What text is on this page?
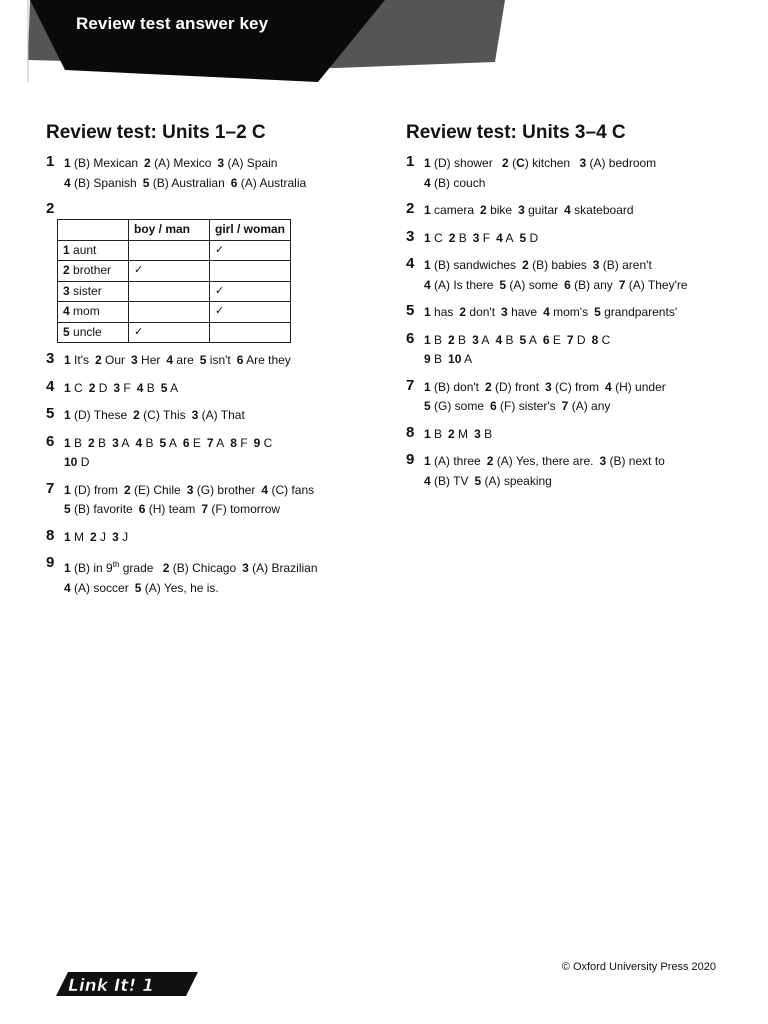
Review test answer key
Review test: Units 1–2 C
1 1 (B) Mexican 2 (A) Mexico 3 (A) Spain
4 (B) Spanish 5 (B) Australian 6 (A) Australia
2
	boy / man	girl / woman
1 aunt		✓
2 brother	✓	
3 sister		✓
4 mom		✓
5 uncle	✓	
3 1 It's 2 Our 3 Her 4 are 5 isn't 6 Are they
4 1 C 2 D 3 F 4 B 5 A
5 1 (D) These 2 (C) This 3 (A) That
6 1 B 2 B 3 A 4 B 5 A 6 E 7 A 8 F 9 C
10 D
7 1 (D) from 2 (E) Chile 3 (G) brother 4 (C) fans
5 (B) favorite 6 (H) team 7 (F) tomorrow
8 1 M 2 J 3 J
9 1 (B) in 9th grade 2 (B) Chicago 3 (A) Brazilian
4 (A) soccer 5 (A) Yes, he is.
Review test: Units 3–4 C
1 1 (D) shower 2 (C) kitchen 3 (A) bedroom
4 (B) couch
2 1 camera 2 bike 3 guitar 4 skateboard
3 1 C 2 B 3 F 4 A 5 D
4 1 (B) sandwiches 2 (B) babies 3 (B) aren't
4 (A) Is there 5 (A) some 6 (B) any 7 (A) They're
5 1 has 2 don't 3 have 4 mom's 5 grandparents'
6 1 B 2 B 3 A 4 B 5 A 6 E 7 D 8 C
9 B 10 A
7 1 (B) don't 2 (D) front 3 (C) from 4 (H) under
5 (G) some 6 (F) sister's 7 (A) any
8 1 B 2 M 3 B
9 1 (A) three 2 (A) Yes, there are. 3 (B) next to
4 (B) TV 5 (A) speaking
Link It! 1
© Oxford University Press 2020
